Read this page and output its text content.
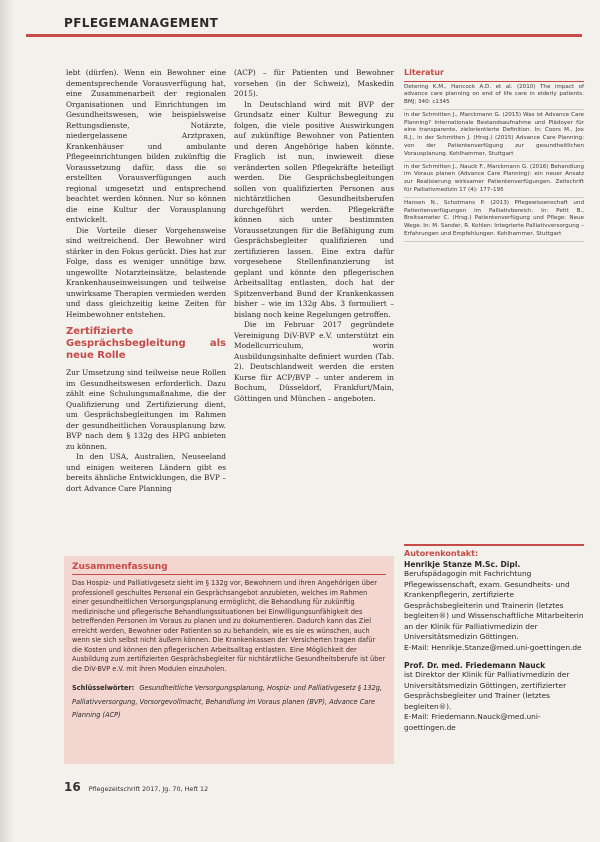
PFLEGEMANAGEMENT

lebt (dürfen). Wenn ein Bewohner eine dementsprechende Vorausverfügung hat, eine Zusammenarbeit der regionalen Organisationen und Einrichtungen im Gesundheitswesen, wie beispielsweise Rettungsdienste, Notärzte, niedergelassene Arztpraxen, Krankenhäuser und ambulante Pflegeeinrichtungen bilden zukünftig die Voraussetzung dafür, dass die so erstellten Vorausverfügungen auch regional umgesetzt und entsprechend beachtet werden können. Nur so können die eine Kultur der Vorausplanung entwickelt.

Die Vorteile dieser Vorgehensweise sind weitreichend. Der Bewohner wird stärker in den Fokus gerückt. Dies hat zur Folge, dass es weniger unnötige bzw. ungewollte Notarzteinsätze, belastende Krankenhauseinweisungen und teilweise unwirksame Therapien vermieden werden und dass gleichzeitig keine Zeiten für Heimbewohner entstehen.

Zertifizierte Gesprächsbegleitung als neue Rolle

Zur Umsetzung sind teilweise neue Rollen im Gesundheitswesen erforderlich. Dazu zählt eine Schulungsmaßnahme, die der Qualifizierung und Zertifizierung dient, um Gesprächsbegleitungen im Rahmen der gesundheitlichen Vorausplanung bzw. BVP nach dem § 132g des HPG anbieten zu können.

In den USA, Australien, Neuseeland und einigen weiteren Ländern gibt es bereits ähnliche Entwicklungen, die BVP – dort Advance Care Planning

(ACP) – für Patienten und Bewohner vorsehen (in der Schweiz), Maskedin 2015).

In Deutschland wird mit BVP der Grundsatz einer Kultur Bewegung zu folgen, die viele positive Auswirkungen auf zukünftige Bewohner von Patienten und deren Angehörige haben könnte. Fraglich ist nun, inwieweit diese veränderten sollen Pflegekräfte beteiligt werden. Die Gesprächsbegleitungen sollen von qualifizierten Personen aus nichtärztlichen Gesundheitsberufen durchgeführt werden. Pflegekräfte können sich unter bestimmten Voraussetzungen für die Befähigung zum Gesprächsbegleiter qualifizieren und zertifizieren lassen. Eine extra dafür vorgesehene Stellenfinanzierung ist geplant und könnte den pflegerischen Arbeitsalltag entlasten, doch hat der Spitzenverband Bund der Krankenkassen bisher – wie im 132g Abs. 3 formuliert – bislang noch keine Regelungen getroffen.

Die im Februar 2017 gegründete Vereinigung DiV-BVP e.V. unterstützt ein Modellcurriculum, worin Ausbildungsinhalte definiert wurden (Tab. 2). Deutschlandweit werden die ersten Kurse für ACP/BVP – unter anderem in Bochum, Düsseldorf, Frankfurt/Main, Göttingen und München – angeboten.

Literatur
Detering K.M., Hancock A.D. et al. (2010) The impact of advance care planning on end of life care in elderly patients. BMJ; 340: c1345
in der Schmitten J., Marckmann G. (2015) Was ist Advance Care Planning? Internationale Bestandsaufnahme und Plädoyer für eine transparente, zielorientierte Definition. In: Coors M., Jox R.J., in der Schmitten J. (Hrsg.) (2015) Advance Care Planning: von der Patientenverfügung zur gesundheitlichen Vorausplanung. Kohlhammer, Stuttgart
in der Schmitten J., Nauck F., Marckmann G. (2016) Behandlung im Voraus planen (Advance Care Planning): ein neuer Ansatz zur Realisierung wirksamer Patientenverfügungen. Zeitschrift für Palliativmedizin 17 (4): 177–195
Hansen N., Schotmans P. (2013) Pflegewissenschaft und Patientenverfügungen im Palliativbereich. In: Petit B., Breitsameter C. (Hrsg.) Patientenverfügung und Pflege: Neue Wege. In: M. Sander, R. Kohlen: Integrierte Palliativversorgung – Erfahrungen und Empfehlungen. Kohlhammer, Stuttgart
Autorenkontakt:

Henrikje Stanze M.Sc. Dipl.

Berufspädagogin mit Fachrichtung Pflegewissenschaft, exam. Gesundheits- und Krankenpflegerin, zertifizierte Gesprächsbegleiterin und Trainerin (letztes begleiten®) und Wissenschaftliche Mitarbeiterin an der Klinik für Palliativmedizin der Universitätsmedizin Göttingen.

E-Mail: Henrikje.Stanze@med.uni-goettingen.de

Prof. Dr. med. Friedemann Nauck

ist Direktor der Klinik für Palliativmedizin der Universitätsmedizin Göttingen, zertifizierter Gesprächsbegleiter und Trainer (letztes begleiten®).

E-Mail: Friedemann.Nauck@med.uni-goettingen.de

Zusammenfassung

Das Hospiz- und Palliativgesetz sieht im § 132g vor, Bewohnern und ihren Angehörigen über professionell geschultes Personal ein Gesprächsangebot anzubieten, welches im Rahmen einer gesundheitlichen Versorgungsplanung ermöglicht, die Behandlung für zukünftig medizinische und pflegerische Behandlungssituationen bei Einwilligungsunfähigkeit des betreffenden Personen im Voraus zu planen und zu dokumentieren. Dadurch kann das Ziel erreicht werden, Bewohner oder Patienten so zu behandeln, wie es sie es wünschen, auch wenn sie sich selbst nicht äußern können. Die Krankenkassen der Versicherten tragen dafür die Kosten und können den pflegerischen Arbeitsalltag entlasten. Eine Möglichkeit der Ausbildung zum zertifizierten Gesprächsbegleiter für nichtärztliche Gesundheitsberufe ist über die DiV-BVP e.V. mit ihren Modulen einzuholen.

Schlüsselwörter: Gesundheitliche Versorgungsplanung, Hospiz- und Palliativgesetz § 132g, Palliativversorgung, Vorsorgevollmacht, Behandlung im Voraus planen (BVP), Advance Care Planning (ACP)
16 Pflegezeitschrift 2017, Jg. 70, Heft 12
